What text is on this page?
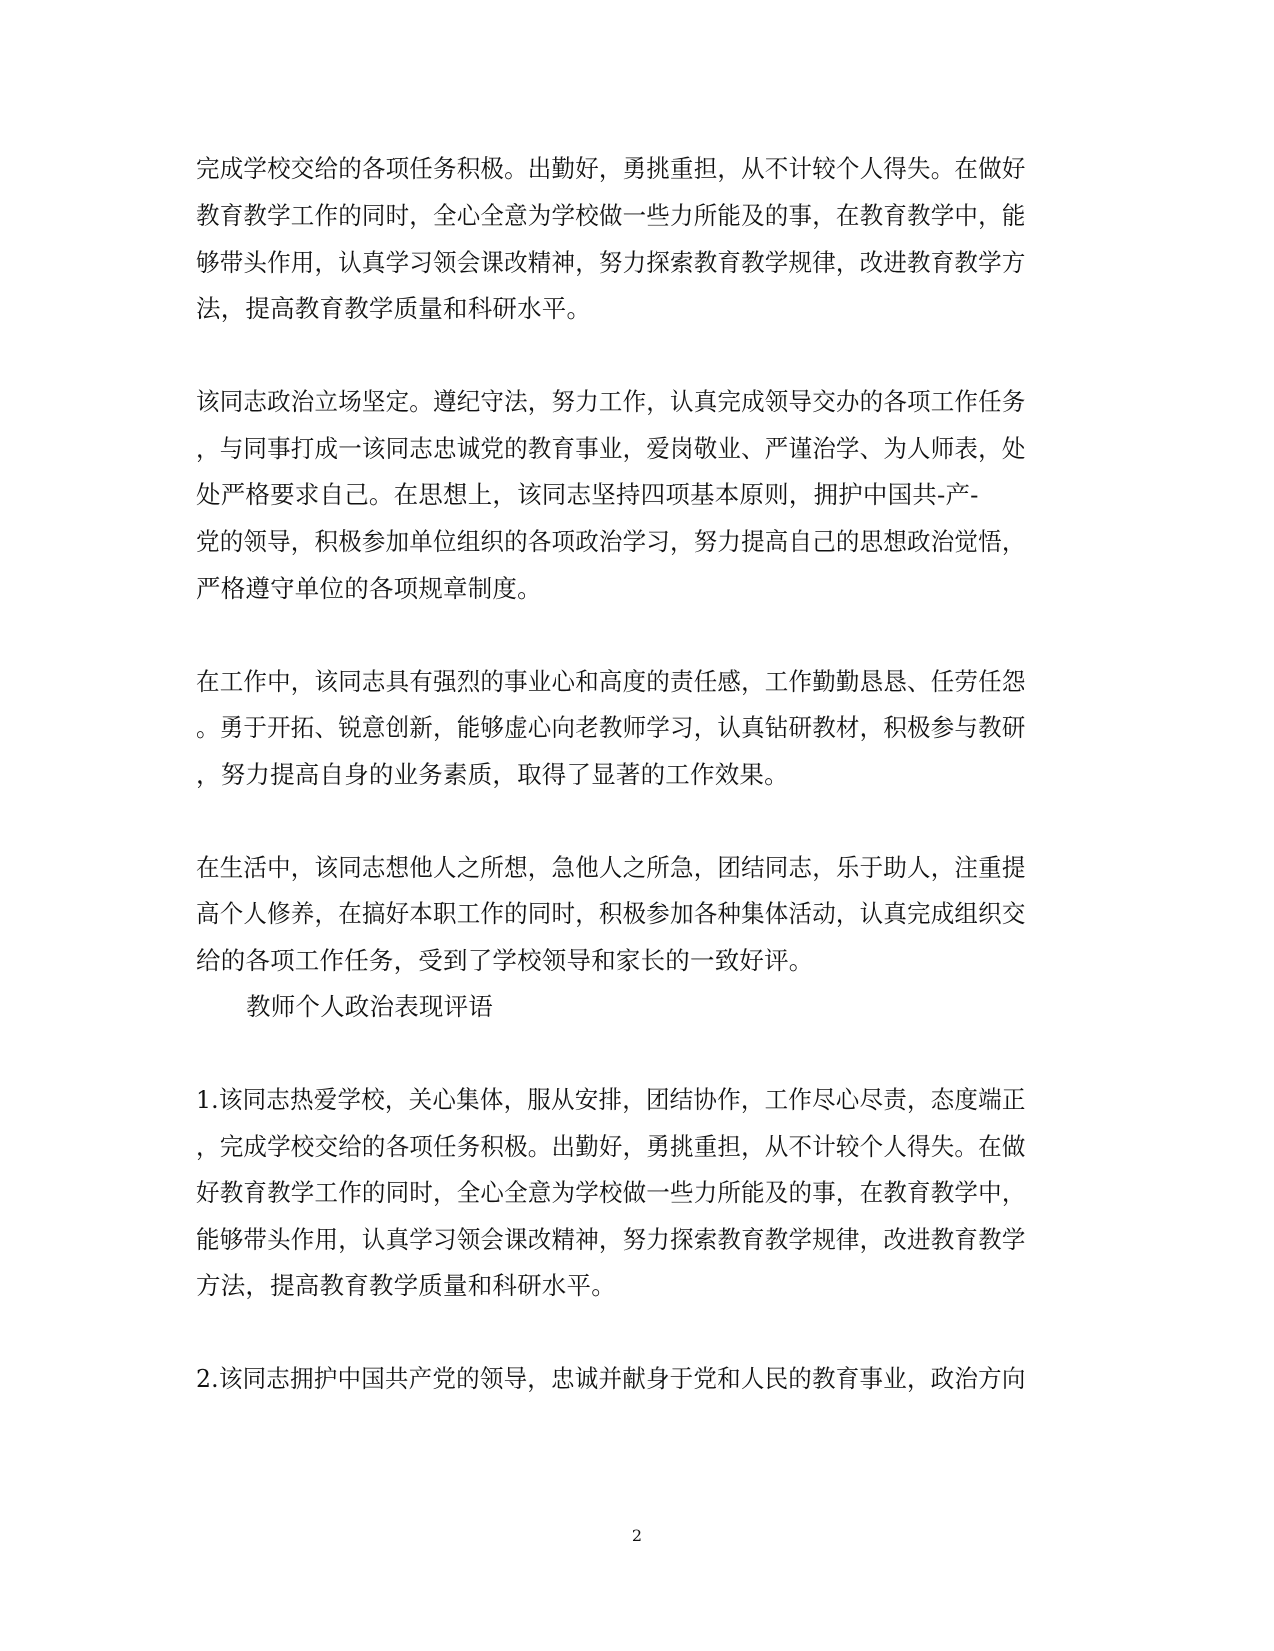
完成学校交给的各项任务积极。出勤好，勇挑重担，从不计较个人得失。在做好
教育教学工作的同时，全心全意为学校做一些力所能及的事，在教育教学中，能
够带头作用，认真学习领会课改精神，努力探索教育教学规律，改进教育教学方
法，提高教育教学质量和科研水平。
该同志政治立场坚定。遵纪守法，努力工作，认真完成领导交办的各项工作任务
，与同事打成一该同志忠诚党的教育事业，爱岗敬业、严谨治学、为人师表，处
处严格要求自己。在思想上，该同志坚持四项基本原则，拥护中国共-产-
党的领导，积极参加单位组织的各项政治学习，努力提高自己的思想政治觉悟，
严格遵守单位的各项规章制度。
在工作中，该同志具有强烈的事业心和高度的责任感，工作勤勤恳恳、任劳任怨
。勇于开拓、锐意创新，能够虚心向老教师学习，认真钻研教材，积极参与教研
，努力提高自身的业务素质，取得了显著的工作效果。
在生活中，该同志想他人之所想，急他人之所急，团结同志，乐于助人，注重提
高个人修养，在搞好本职工作的同时，积极参加各种集体活动，认真完成组织交
给的各项工作任务，受到了学校领导和家长的一致好评。
教师个人政治表现评语
1.该同志热爱学校，关心集体，服从安排，团结协作，工作尽心尽责，态度端正
，完成学校交给的各项任务积极。出勤好，勇挑重担，从不计较个人得失。在做
好教育教学工作的同时，全心全意为学校做一些力所能及的事，在教育教学中，
能够带头作用，认真学习领会课改精神，努力探索教育教学规律，改进教育教学
方法，提高教育教学质量和科研水平。
2.该同志拥护中国共产党的领导，忠诚并献身于党和人民的教育事业，政治方向
2
